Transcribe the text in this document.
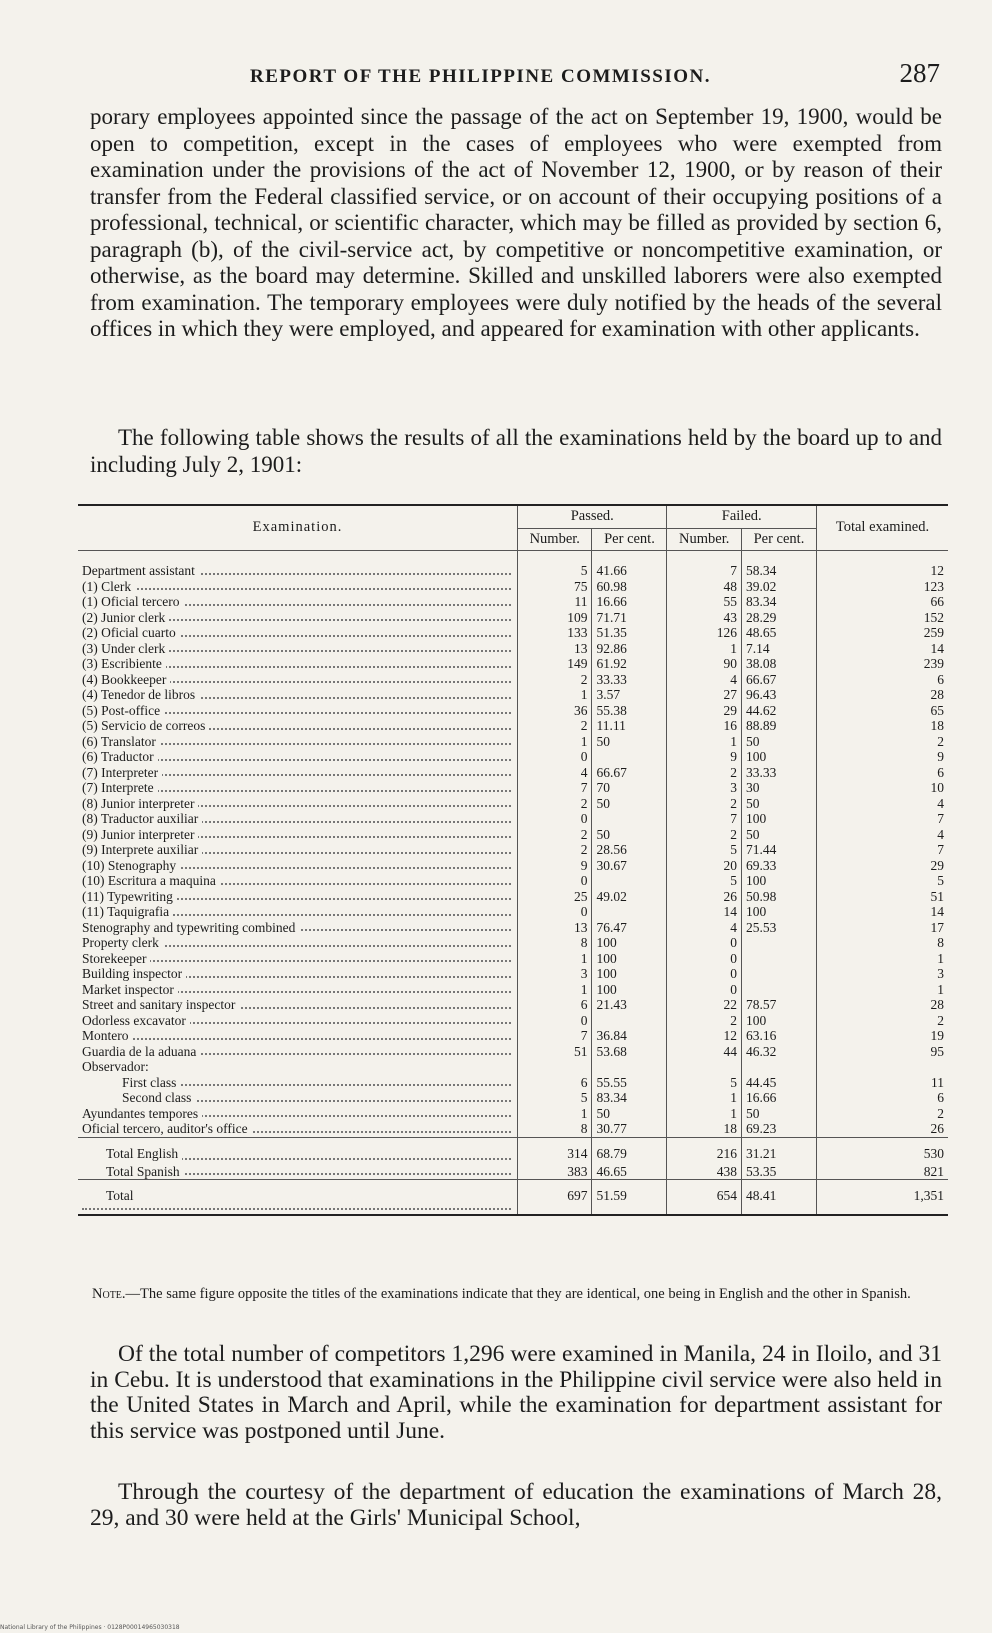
REPORT OF THE PHILIPPINE COMMISSION.	287

porary employees appointed since the passage of the act on September 19, 1900, would be open to competition, except in the cases of employees who were exempted from examination under the provisions of the act of November 12, 1900, or by reason of their transfer from the Federal classified service, or on account of their occupying positions of a professional, technical, or scientific character, which may be filled as provided by section 6, paragraph (b), of the civil-service act, by competitive or noncompetitive examination, or otherwise, as the board may determine. Skilled and unskilled laborers were also exempted from examination. The temporary employees were duly notified by the heads of the several offices in which they were employed, and appeared for examination with other applicants.

The following table shows the results of all the examinations held by the board up to and including July 2, 1901:

Examination.	Passed.		Failed.		Total examined.
	Number.	Per cent.	Number.	Per cent.	
Department assistant	5	41.66	7	58.34	12
(1) Clerk	75	60.98	48	39.02	123
(1) Oficial tercero	11	16.66	55	83.34	66
(2) Junior clerk	109	71.71	43	28.29	152
(2) Oficial cuarto	133	51.35	126	48.65	259
(3) Under clerk	13	92.86	1	7.14	14
(3) Escribiente	149	61.92	90	38.08	239
(4) Bookkeeper	2	33.33	4	66.67	6
(4) Tenedor de libros	1	3.57	27	96.43	28
(5) Post-office	36	55.38	29	44.62	65
(5) Servicio de correos	2	11.11	16	88.89	18
(6) Translator	1	50	1	50	2
(6) Traductor	0		9	100	9
(7) Interpreter	4	66.67	2	33.33	6
(7) Interprete	7	70	3	30	10
(8) Junior interpreter	2	50	2	50	4
(8) Traductor auxiliar	0		7	100	7
(9) Junior interpreter	2	50	2	50	4
(9) Interprete auxiliar	2	28.56	5	71.44	7
(10) Stenography	9	30.67	20	69.33	29
(10) Escritura a maquina	0		5	100	5
(11) Typewriting	25	49.02	26	50.98	51
(11) Taquigrafia	0		14	100	14
Stenography and typewriting combined	13	76.47	4	25.53	17
Property clerk	8	100	0		8
Storekeeper	1	100	0		1
Building inspector	3	100	0		3
Market inspector	1	100	0		1
Street and sanitary inspector	6	21.43	22	78.57	28
Odorless excavator	0		2	100	2
Montero	7	36.84	12	63.16	19
Guardia de la aduana	51	53.68	44	46.32	95
Observador:					
First class	6	55.55	5	44.45	11
Second class	5	83.34	1	16.66	6
Ayundantes tempores	1	50	1	50	2
Oficial tercero, auditor's office	8	30.77	18	69.23	26
Total English	314	68.79	216	31.21	530
Total Spanish	383	46.65	438	53.35	821
Total	697	51.59	654	48.41	1,351

Note.—The same figure opposite the titles of the examinations indicate that they are identical, one being in English and the other in Spanish.

Of the total number of competitors 1,296 were examined in Manila, 24 in Iloilo, and 31 in Cebu. It is understood that examinations in the Philippine civil service were also held in the United States in March and April, while the examination for department assistant for this service was postponed until June.

Through the courtesy of the department of education the examinations of March 28, 29, and 30 were held at the Girls' Municipal School,

National Library of the Philippines · 0128P00014965030318
